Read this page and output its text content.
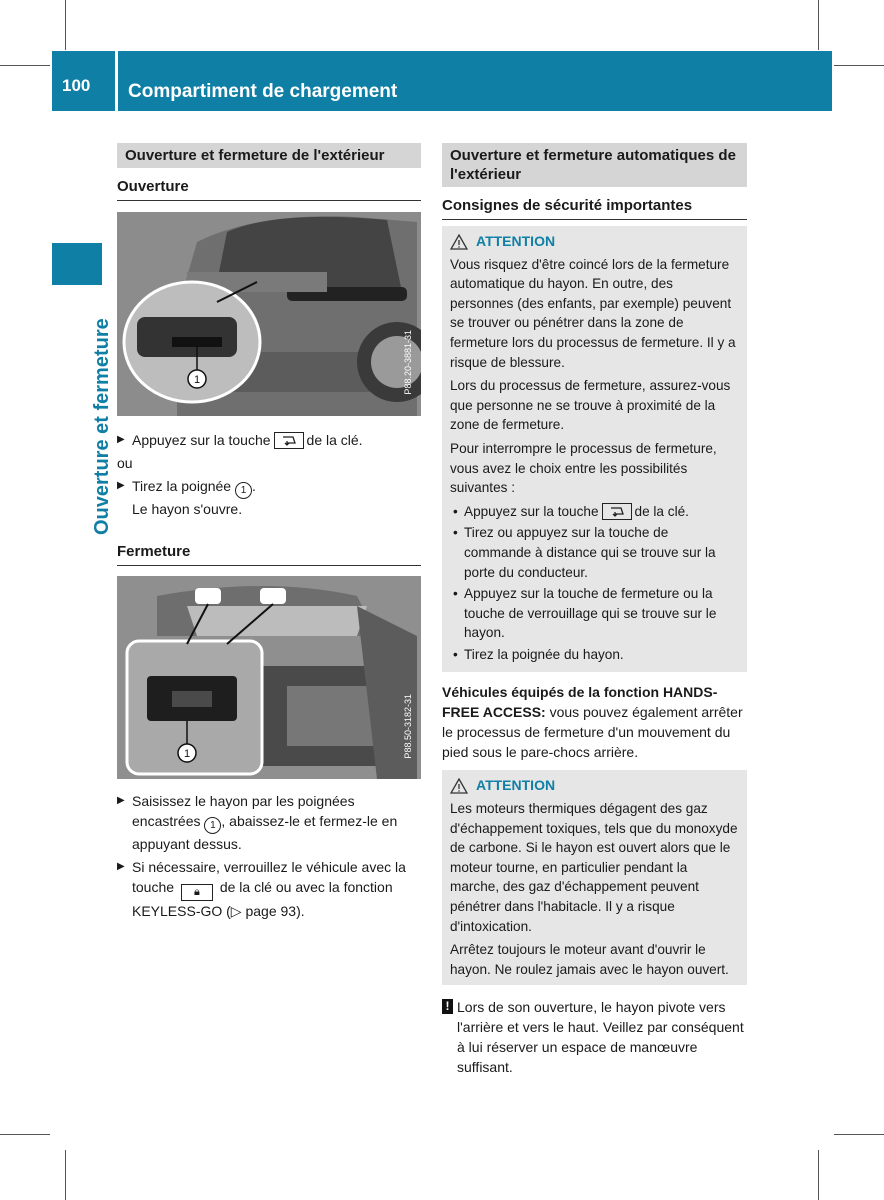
100	Compartiment de chargement
Ouverture et fermeture
Ouverture et fermeture de l'extérieur
Ouverture
1	P88.20-3881-31

▶ Appuyez sur la touche	de la clé.

ou

▶ Tirez la poignée 1 .
Le hayon s'ouvre.

Fermeture
1	P88.50-3182-31

▶ Saisissez le hayon par les poignées encastrées 1 , abaissez-le et fermez-le en appuyant dessus.

▶ Si nécessaire, verrouillez le véhicule avec la touche 🔒︎ de la clé ou avec la fonction KEYLESS-GO (▷ page 93).

Ouverture et fermeture automatiques de l'extérieur
Consignes de sécurité importantes
ATTENTION

Vous risquez d'être coincé lors de la fermeture automatique du hayon. En outre, des personnes (des enfants, par exemple) peuvent se trouver ou pénétrer dans la zone de fermeture lors du processus de fermeture. Il y a risque de blessure.

Lors du processus de fermeture, assurez-vous que personne ne se trouve à proximité de la zone de fermeture.

Pour interrompre le processus de fermeture, vous avez le choix entre les possibilités suivantes :

• Appuyez sur la touche	de la clé.

• Tirez ou appuyez sur la touche de commande à distance qui se trouve sur la porte du conducteur.

• Appuyez sur la touche de fermeture ou la touche de verrouillage qui se trouve sur le hayon.

• Tirez la poignée du hayon.

Véhicules équipés de la fonction HANDS-FREE ACCESS: vous pouvez également arrêter le processus de fermeture d'un mouvement du pied sous le pare-chocs arrière.

ATTENTION

Les moteurs thermiques dégagent des gaz d'échappement toxiques, tels que du monoxyde de carbone. Si le hayon est ouvert alors que le moteur tourne, en particulier pendant la marche, des gaz d'échappement peuvent pénétrer dans l'habitacle. Il y a risque d'intoxication.

Arrêtez toujours le moteur avant d'ouvrir le hayon. Ne roulez jamais avec le hayon ouvert.

! Lors de son ouverture, le hayon pivote vers l'arrière et vers le haut. Veillez par conséquent à lui réserver un espace de manœuvre suffisant.
